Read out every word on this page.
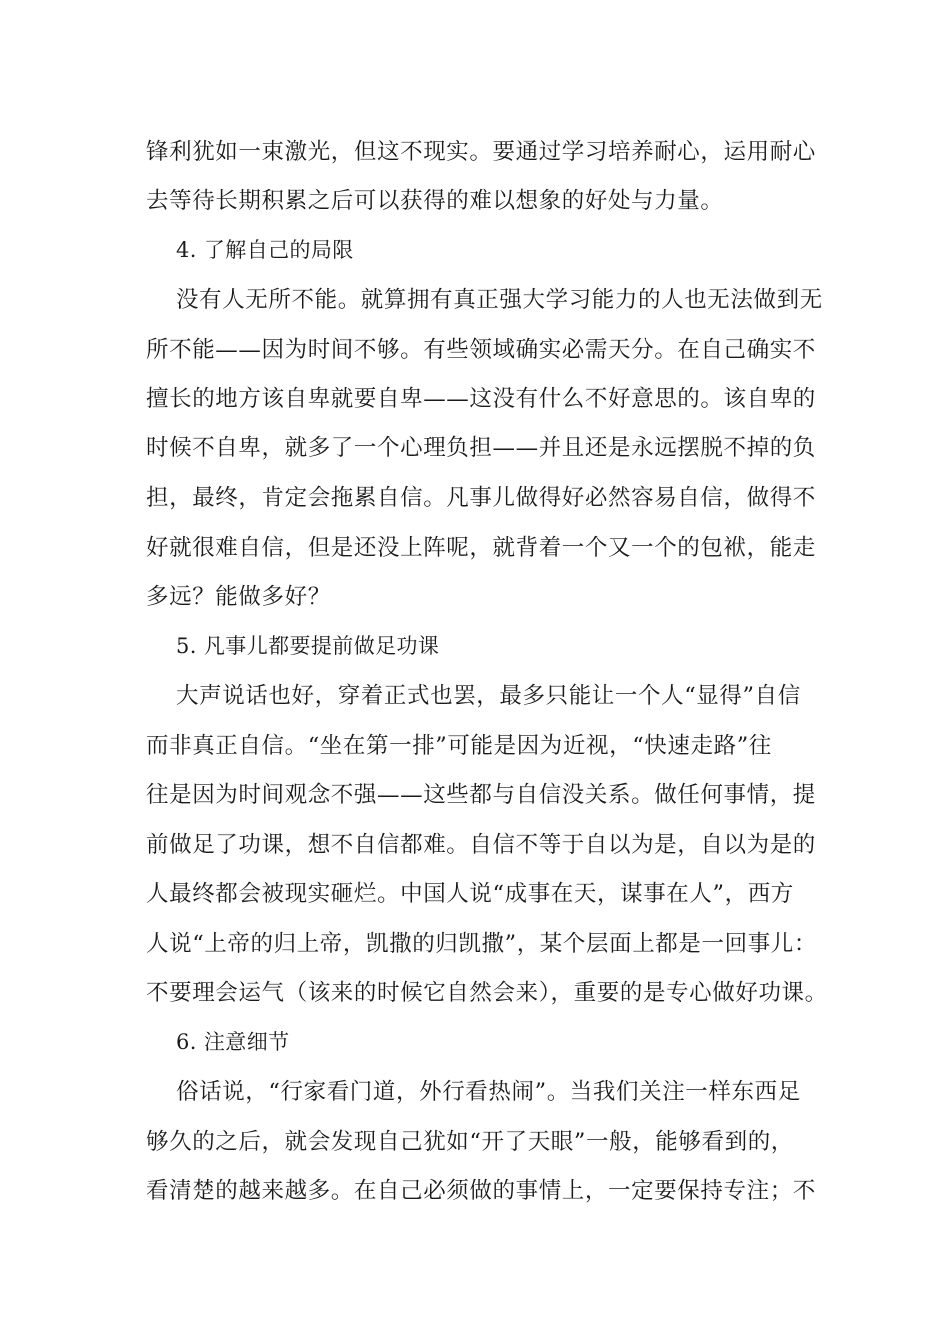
锋利犹如一束激光，但这不现实。要通过学习培养耐心，运用耐心
去等待长期积累之后可以获得的难以想象的好处与力量。
4. 了解自己的局限
没有人无所不能。就算拥有真正强大学习能力的人也无法做到无
所不能——因为时间不够。有些领域确实必需天分。在自己确实不
擅长的地方该自卑就要自卑——这没有什么不好意思的。该自卑的
时候不自卑，就多了一个心理负担——并且还是永远摆脱不掉的负
担，最终，肯定会拖累自信。凡事儿做得好必然容易自信，做得不
好就很难自信，但是还没上阵呢，就背着一个又一个的包袱，能走
多远？能做多好？
5. 凡事儿都要提前做足功课
大声说话也好，穿着正式也罢，最多只能让一个人“显得”自信
而非真正自信。“坐在第一排”可能是因为近视，“快速走路”往
往是因为时间观念不强——这些都与自信没关系。做任何事情，提
前做足了功课，想不自信都难。自信不等于自以为是，自以为是的
人最终都会被现实砸烂。中国人说“成事在天，谋事在人”，西方
人说“上帝的归上帝，凯撒的归凯撒”，某个层面上都是一回事儿：
不要理会运气（该来的时候它自然会来），重要的是专心做好功课。
6. 注意细节
俗话说，“行家看门道，外行看热闹”。当我们关注一样东西足
够久的之后，就会发现自己犹如“开了天眼”一般，能够看到的，
看清楚的越来越多。在自己必须做的事情上，一定要保持专注；不
